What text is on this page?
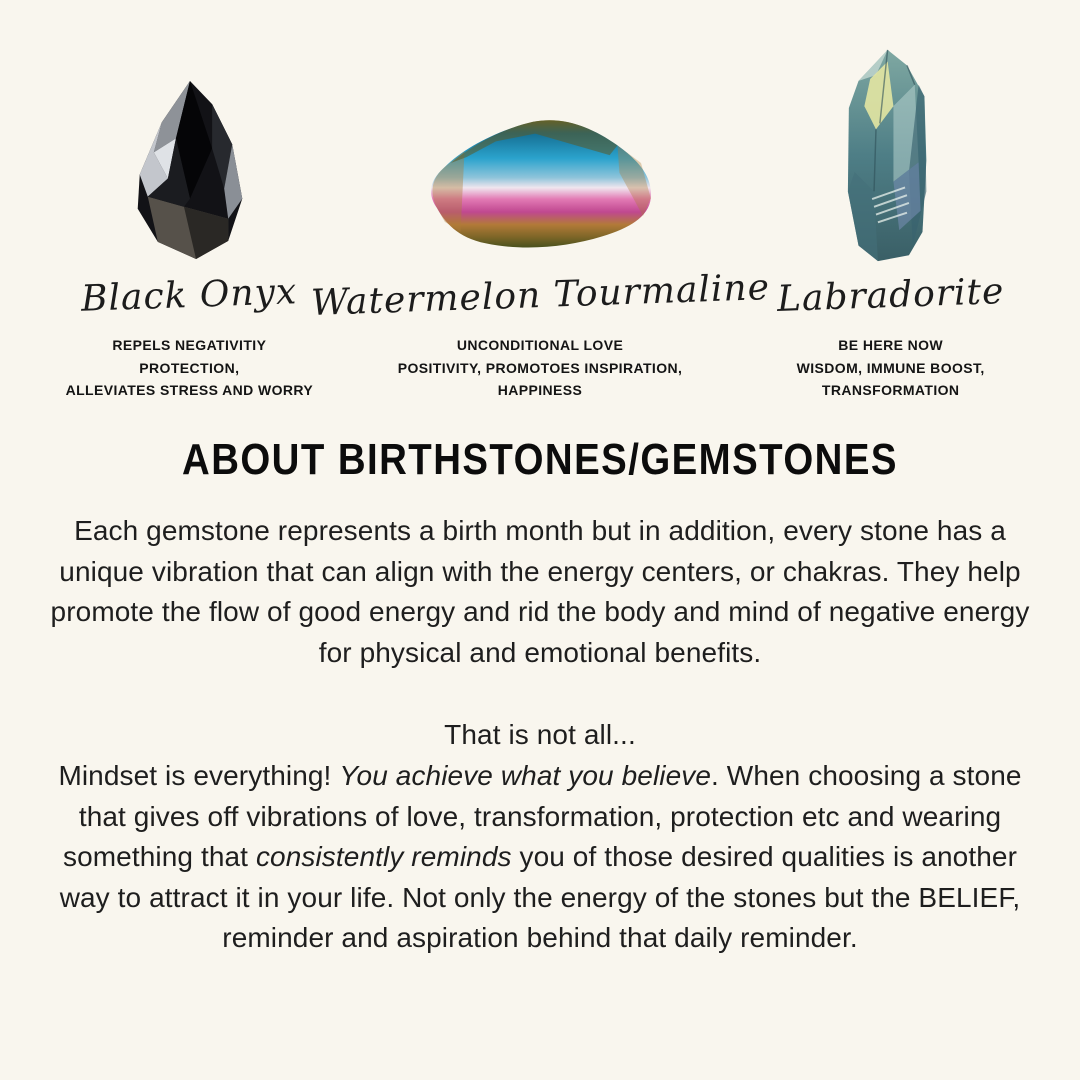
Black Onyx
REPELS NEGATIVITIY
PROTECTION,
ALLEVIATES STRESS AND WORRY
Watermelon Tourmaline
UNCONDITIONAL LOVE
POSITIVITY, PROMOTOES INSPIRATION,
HAPPINESS
Labradorite
BE HERE NOW
WISDOM, IMMUNE BOOST,
TRANSFORMATION
ABOUT BIRTHSTONES/GEMSTONES

Each gemstone represents a birth month but in addition, every stone has a unique vibration that can align with the energy centers, or chakras. They help promote the flow of good energy and rid the body and mind of negative energy for physical and emotional benefits.

That is not all...

Mindset is everything! You achieve what you believe. When choosing a stone that gives off vibrations of love, transformation, protection etc and wearing something that consistently reminds you of those desired qualities is another way to attract it in your life. Not only the energy of the stones but the BELIEF, reminder and aspiration behind that daily reminder.
